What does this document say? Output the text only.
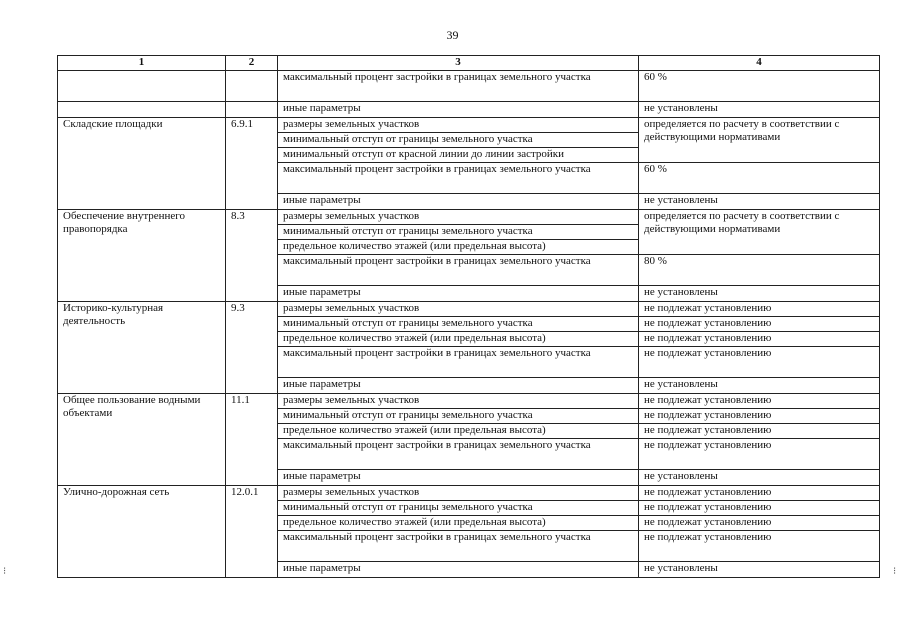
39
1	2	3	4
		максимальный процент застройки в границах земельного участка	60 %
		иные параметры	не установлены
Складские площадки	6.9.1	размеры земельных участков	определяется по расчету в соответствии с действующими нормативами
		минимальный отступ от границы земельного участка	
		минимальный отступ от красной линии до линии застройки	
		максимальный процент застройки в границах земельного участка	60 %
		иные параметры	не установлены
Обеспечение внутреннего правопорядка	8.3	размеры земельных участков	определяется по расчету в соответствии с действующими нормативами
		минимальный отступ от границы земельного участка	
		предельное количество этажей (или предельная высота)	
		максимальный процент застройки в границах земельного участка	80 %
		иные параметры	не установлены
Историко-культурная деятельность	9.3	размеры земельных участков	не подлежат установлению
		минимальный отступ от границы земельного участка	не подлежат установлению
		предельное количество этажей (или предельная высота)	не подлежат установлению
		максимальный процент застройки в границах земельного участка	не подлежат установлению
		иные параметры	не установлены
Общее пользование водными объектами	11.1	размеры земельных участков	не подлежат установлению
		минимальный отступ от границы земельного участка	не подлежат установлению
		предельное количество этажей (или предельная высота)	не подлежат установлению
		максимальный процент застройки в границах земельного участка	не подлежат установлению
		иные параметры	не установлены
Улично-дорожная сеть	12.0.1	размеры земельных участков	не подлежат установлению
		минимальный отступ от границы земельного участка	не подлежат установлению
		предельное количество этажей (или предельная высота)	не подлежат установлению
		максимальный процент застройки в границах земельного участка	не подлежат установлению
		иные параметры	не установлены
⁝	⁝
